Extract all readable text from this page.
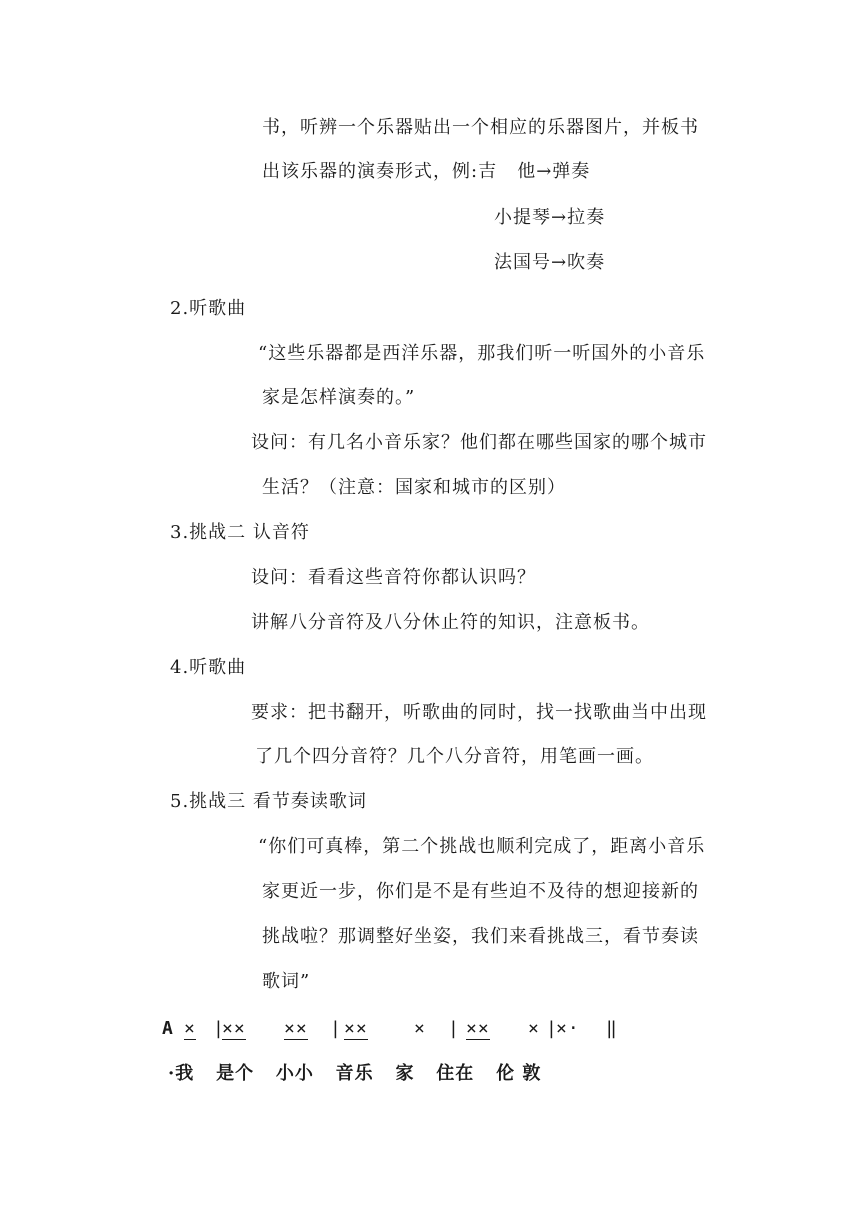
书，听辨一个乐器贴出一个相应的乐器图片，并板书
出该乐器的演奏形式，例:吉   他→弹奏
小提琴→拉奏
法国号→吹奏
2.听歌曲
“这些乐器都是西洋乐器，那我们听一听国外的小音乐
家是怎样演奏的。”
设问：有几名小音乐家？他们都在哪些国家的哪个城市
生活？（注意：国家和城市的区别）
3.挑战二 认音符
设问：看看这些音符你都认识吗？
讲解八分音符及八分休止符的知识，注意板书。
4.听歌曲
要求：把书翻开，听歌曲的同时，找一找歌曲当中出现
了几个四分音符？几个八分音符，用笔画一画。
5.挑战三 看节奏读歌词
“你们可真棒，第二个挑战也顺利完成了，距离小音乐
家更近一步，你们是不是有些迫不及待的想迎接新的
挑战啦？那调整好坐姿，我们来看挑战三，看节奏读
歌词”
A × |
×× ×× | ××	× | ×× × |
×· ‖
·我   是个   小小   音乐   家   住在   伦 敦
